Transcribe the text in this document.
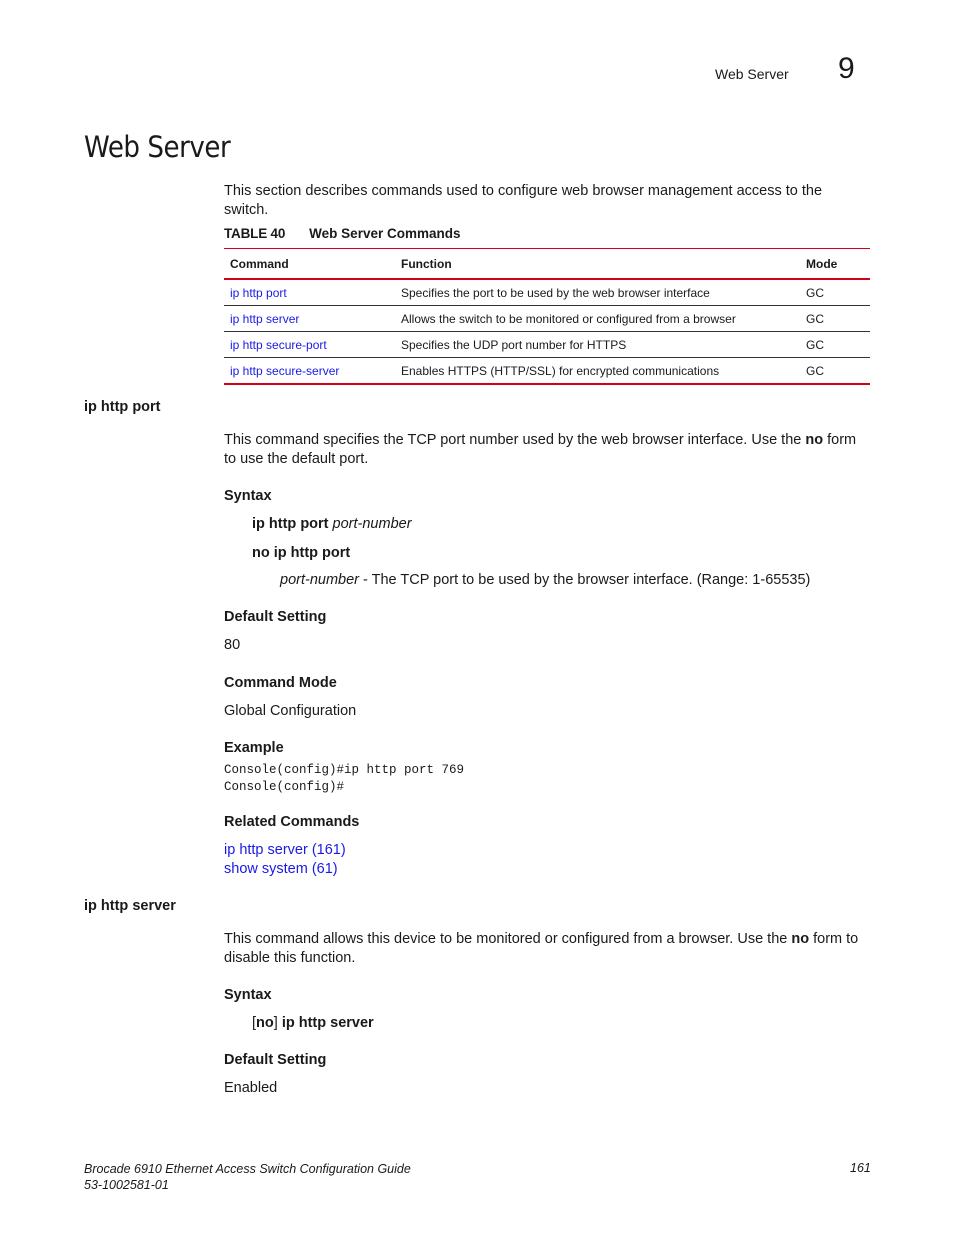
Web Server 9
Web Server
This section describes commands used to configure web browser management access to the switch.
TABLE 40 Web Server Commands
Command	Function	Mode
ip http port	Specifies the port to be used by the web browser interface	GC
ip http server	Allows the switch to be monitored or configured from a browser	GC
ip http secure-port	Specifies the UDP port number for HTTPS	GC
ip http secure-server	Enables HTTPS (HTTP/SSL) for encrypted communications	GC
ip http port
This command specifies the TCP port number used by the web browser interface. Use the no form to use the default port.
Syntax
ip http port port-number
no ip http port
port-number - The TCP port to be used by the browser interface. (Range: 1-65535)
Default Setting
80
Command Mode
Global Configuration
Example
Console(config)#ip http port 769
Console(config)#
Related Commands
ip http server (161)
show system (61)
ip http server
This command allows this device to be monitored or configured from a browser. Use the no form to disable this function.
Syntax
[no] ip http server
Default Setting
Enabled
Brocade 6910 Ethernet Access Switch Configuration Guide
53-1002581-01
161
